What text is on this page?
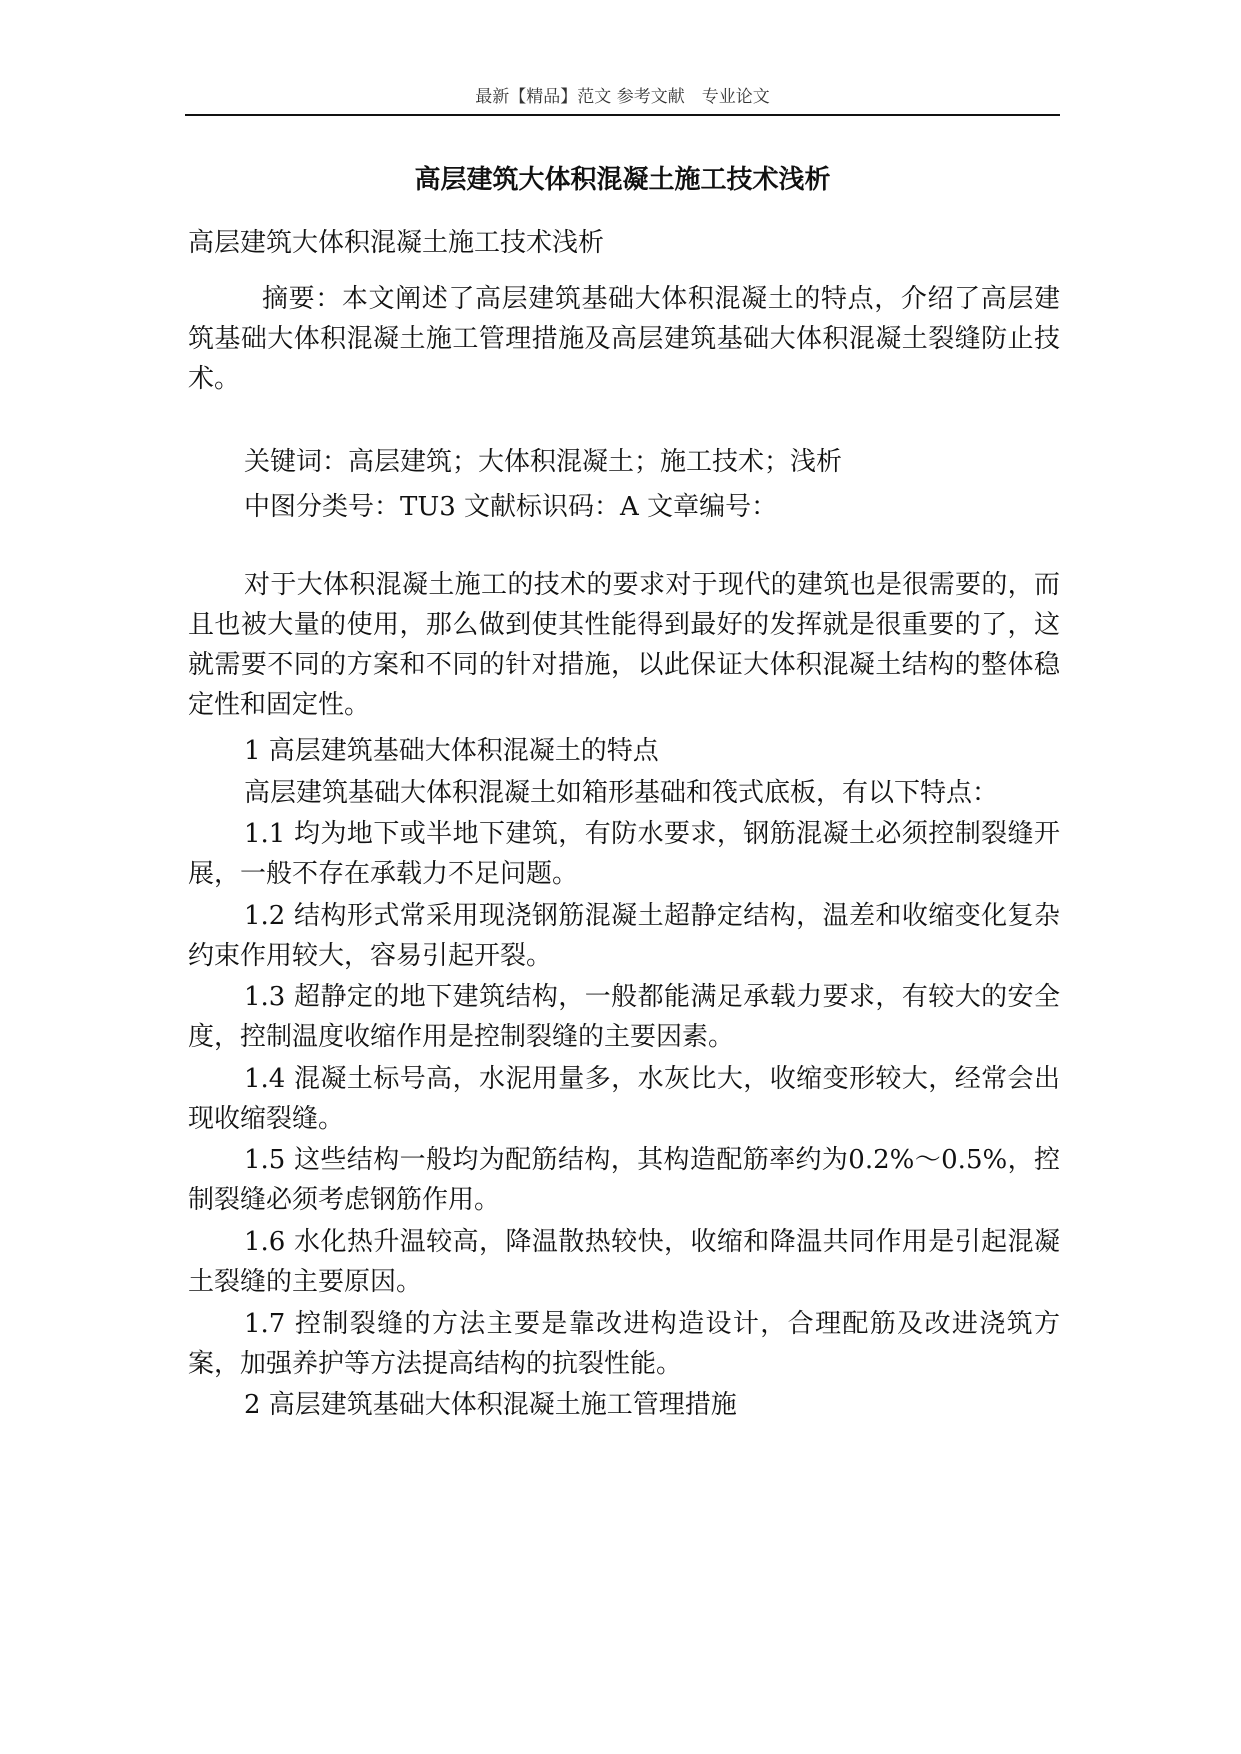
最新【精品】范文 参考文献　专业论文
高层建筑大体积混凝土施工技术浅析
高层建筑大体积混凝土施工技术浅析

摘要：本文阐述了高层建筑基础大体积混凝土的特点，介绍了高层建筑基础大体积混凝土施工管理措施及高层建筑基础大体积混凝土裂缝防止技术。

关键词：高层建筑；大体积混凝土；施工技术；浅析

中图分类号：TU3 文献标识码：A 文章编号：

对于大体积混凝土施工的技术的要求对于现代的建筑也是很需要的，而且也被大量的使用，那么做到使其性能得到最好的发挥就是很重要的了，这就需要不同的方案和不同的针对措施，以此保证大体积混凝土结构的整体稳定性和固定性。

1 高层建筑基础大体积混凝土的特点

高层建筑基础大体积混凝土如箱形基础和筏式底板，有以下特点：

1.1 均为地下或半地下建筑，有防水要求，钢筋混凝土必须控制裂缝开展，一般不存在承载力不足问题。

1.2 结构形式常采用现浇钢筋混凝土超静定结构，温差和收缩变化复杂约束作用较大，容易引起开裂。

1.3 超静定的地下建筑结构，一般都能满足承载力要求，有较大的安全度，控制温度收缩作用是控制裂缝的主要因素。

1.4 混凝土标号高，水泥用量多，水灰比大，收缩变形较大，经常会出现收缩裂缝。

1.5 这些结构一般均为配筋结构，其构造配筋率约为0.2%～0.5%，控制裂缝必须考虑钢筋作用。

1.6 水化热升温较高，降温散热较快，收缩和降温共同作用是引起混凝土裂缝的主要原因。

1.7 控制裂缝的方法主要是靠改进构造设计，合理配筋及改进浇筑方案，加强养护等方法提高结构的抗裂性能。

2 高层建筑基础大体积混凝土施工管理措施
